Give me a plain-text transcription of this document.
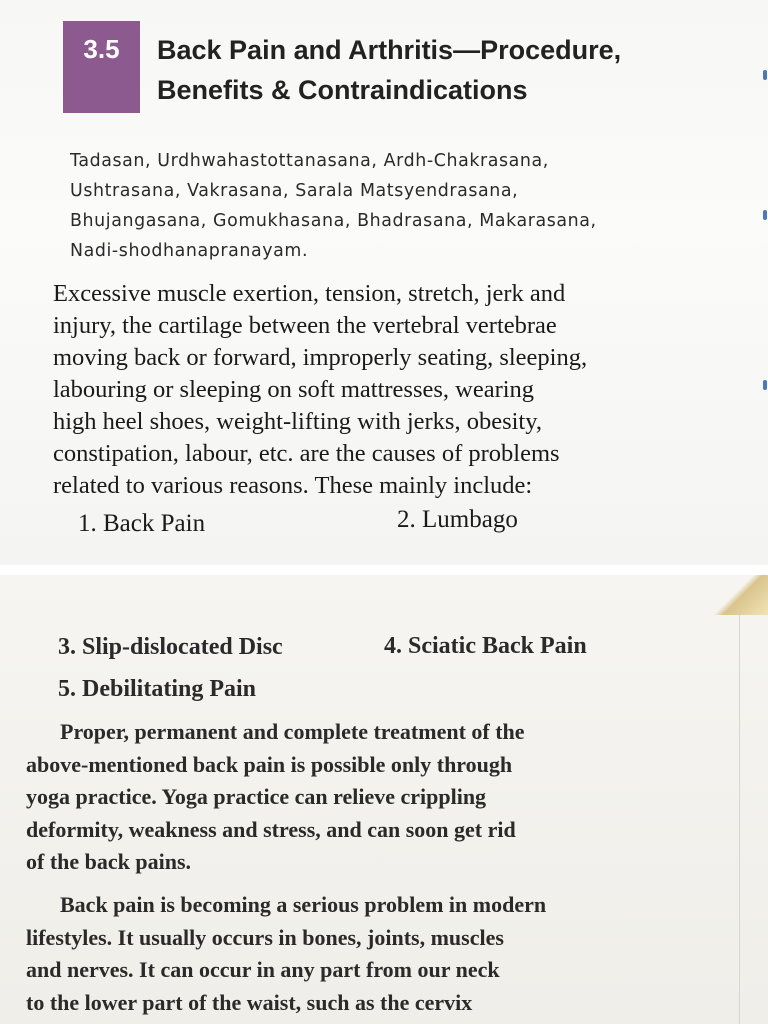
3.5	Back Pain and Arthritis—Procedure,
Benefits & Contraindications
Tadasan, Urdhwahastottanasana, Ardh-Chakrasana,
Ushtrasana, Vakrasana, Sarala Matsyendrasana,
Bhujangasana, Gomukhasana, Bhadrasana, Makarasana,
Nadi-shodhanapranayam.
Excessive muscle exertion, tension, stretch, jerk and
injury, the cartilage between the vertebral vertebrae
moving back or forward, improperly seating, sleeping,
labouring or sleeping on soft mattresses, wearing
high heel shoes, weight-lifting with jerks, obesity,
constipation, labour, etc. are the causes of problems
related to various reasons. These mainly include:
1. Back Pain	2. Lumbago
3. Slip-dislocated Disc	4. Sciatic Back Pain
5. Debilitating Pain
Proper, permanent and complete treatment of the
above-mentioned back pain is possible only through
yoga practice. Yoga practice can relieve crippling
deformity, weakness and stress, and can soon get rid
of the back pains.
Back pain is becoming a serious problem in modern
lifestyles. It usually occurs in bones, joints, muscles
and nerves. It can occur in any part from our neck
to the lower part of the waist, such as the cervix
